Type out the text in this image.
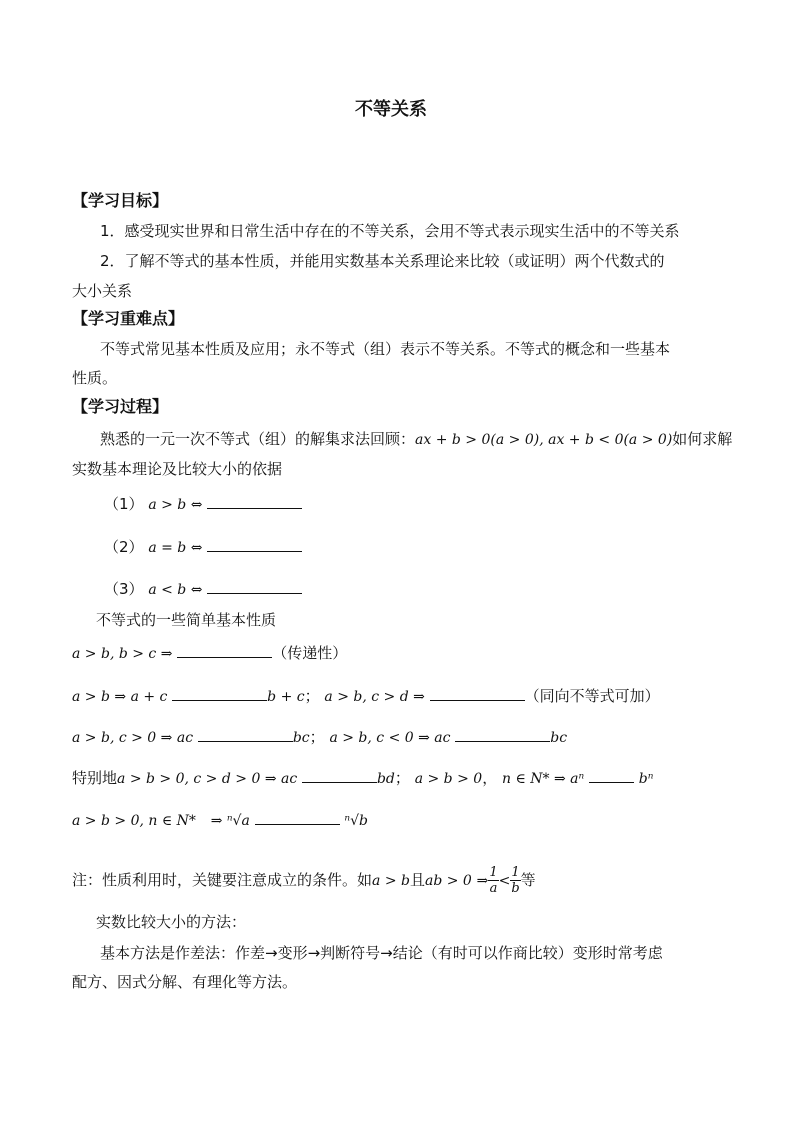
不等关系
【学习目标】
1．感受现实世界和日常生活中存在的不等关系，会用不等式表示现实生活中的不等关系
2．了解不等式的基本性质，并能用实数基本关系理论来比较（或证明）两个代数式的
大小关系
【学习重难点】
不等式常见基本性质及应用；永不等式（组）表示不等关系。不等式的概念和一些基本
性质。
【学习过程】
熟悉的一元一次不等式（组）的解集求法回顾：ax + b > 0(a > 0), ax + b < 0(a > 0)如何求解
实数基本理论及比较大小的依据
（1） a > b ⇔
（2） a = b ⇔
（3） a < b ⇔
不等式的一些简单基本性质
a > b, b > c ⇒	（传递性）
a > b ⇒ a + c	b + c； a > b, c > d ⇒	（同向不等式可加）
a > b, c > 0 ⇒ ac	bc； a > b, c < 0 ⇒ ac	bc
特别地a > b > 0, c > d > 0 ⇒ ac	bd； a > b > 0， n ∈ N* ⇒ aⁿ	bⁿ
a > b > 0, n ∈ N* ⇒ ⁿ√a	ⁿ√b
注：性质利用时，关键要注意成立的条件。如a > b且ab > 0 ⇒ $\frac{1}{a} < \frac{1}{b}$ 等
实数比较大小的方法：
基本方法是作差法：作差→变形→判断符号→结论（有时可以作商比较）变形时常考虑
配方、因式分解、有理化等方法。
